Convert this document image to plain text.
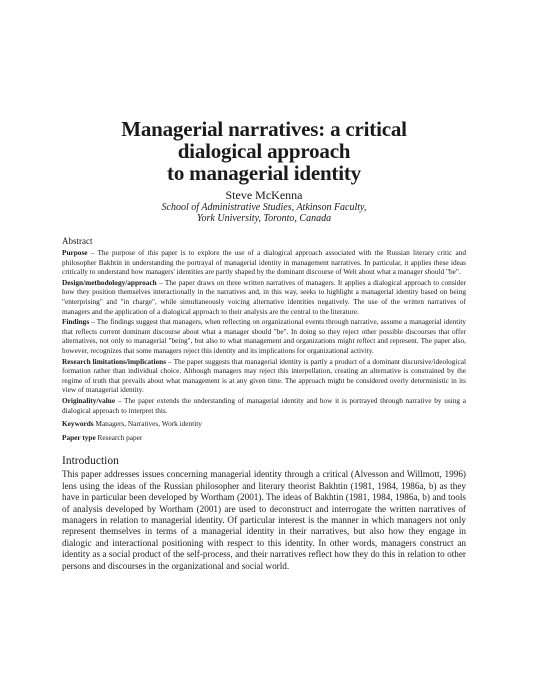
Managerial narratives: a critical
dialogical approach
to managerial identity
Steve McKenna
School of Administrative Studies, Atkinson Faculty,
York University, Toronto, Canada
Abstract

Purpose – The purpose of this paper is to explore the use of a dialogical approach associated with the Russian literary critic and philosopher Bakhtin in understanding the portrayal of managerial identity in management narratives. In particular, it applies these ideas critically to understand how managers' identities are partly shaped by the dominant discourse of Welt about what a manager should "be".

Design/methodology/approach – The paper draws on three written narratives of managers. It applies a dialogical approach to consider how they position themselves interactionally in the narratives and, in this way, seeks to highlight a managerial identity based on being "enterprising" and "in charge", while simultaneously voicing alternative identities negatively. The use of the written narratives of managers and the application of a dialogical approach to their analysis are the central to the literature.

Findings – The findings suggest that managers, when reflecting on organizational events through narrative, assume a managerial identity that reflects current dominant discourse about what a manager should "be". In doing so they reject other possible discourses that offer alternatives, not only to managerial "being", but also to what management and organizations might reflect and represent. The paper also, however, recognizes that some managers reject this identity and its implications for organizational activity.

Research limitations/implications – The paper suggests that managerial identity is partly a product of a dominant discursive/ideological formation rather than individual choice. Although managers may reject this interpellation, creating an alternative is constrained by the regime of truth that prevails about what management is at any given time. The approach might be considered overly deterministic in its view of managerial identity.

Originality/value – The paper extends the understanding of managerial identity and how it is portrayed through narrative by using a dialogical approach to interpret this.

Keywords Managers, Narratives, Work identity
Paper type Research paper
Introduction

This paper addresses issues concerning managerial identity through a critical (Alvesson and Willmott, 1996) lens using the ideas of the Russian philosopher and literary theorist Bakhtin (1981, 1984, 1986a, b) as they have in particular been developed by Wortham (2001). The ideas of Bakhtin (1981, 1984, 1986a, b) and tools of analysis developed by Wortham (2001) are used to deconstruct and interrogate the written narratives of managers in relation to managerial identity. Of particular interest is the manner in which managers not only represent themselves in terms of a managerial identity in their narratives, but also how they engage in dialogic and interactional positioning with respect to this identity. In other words, managers construct an identity as a social product of the self-process, and their narratives reflect how they do this in relation to other persons and discourses in the organizational and social world.
